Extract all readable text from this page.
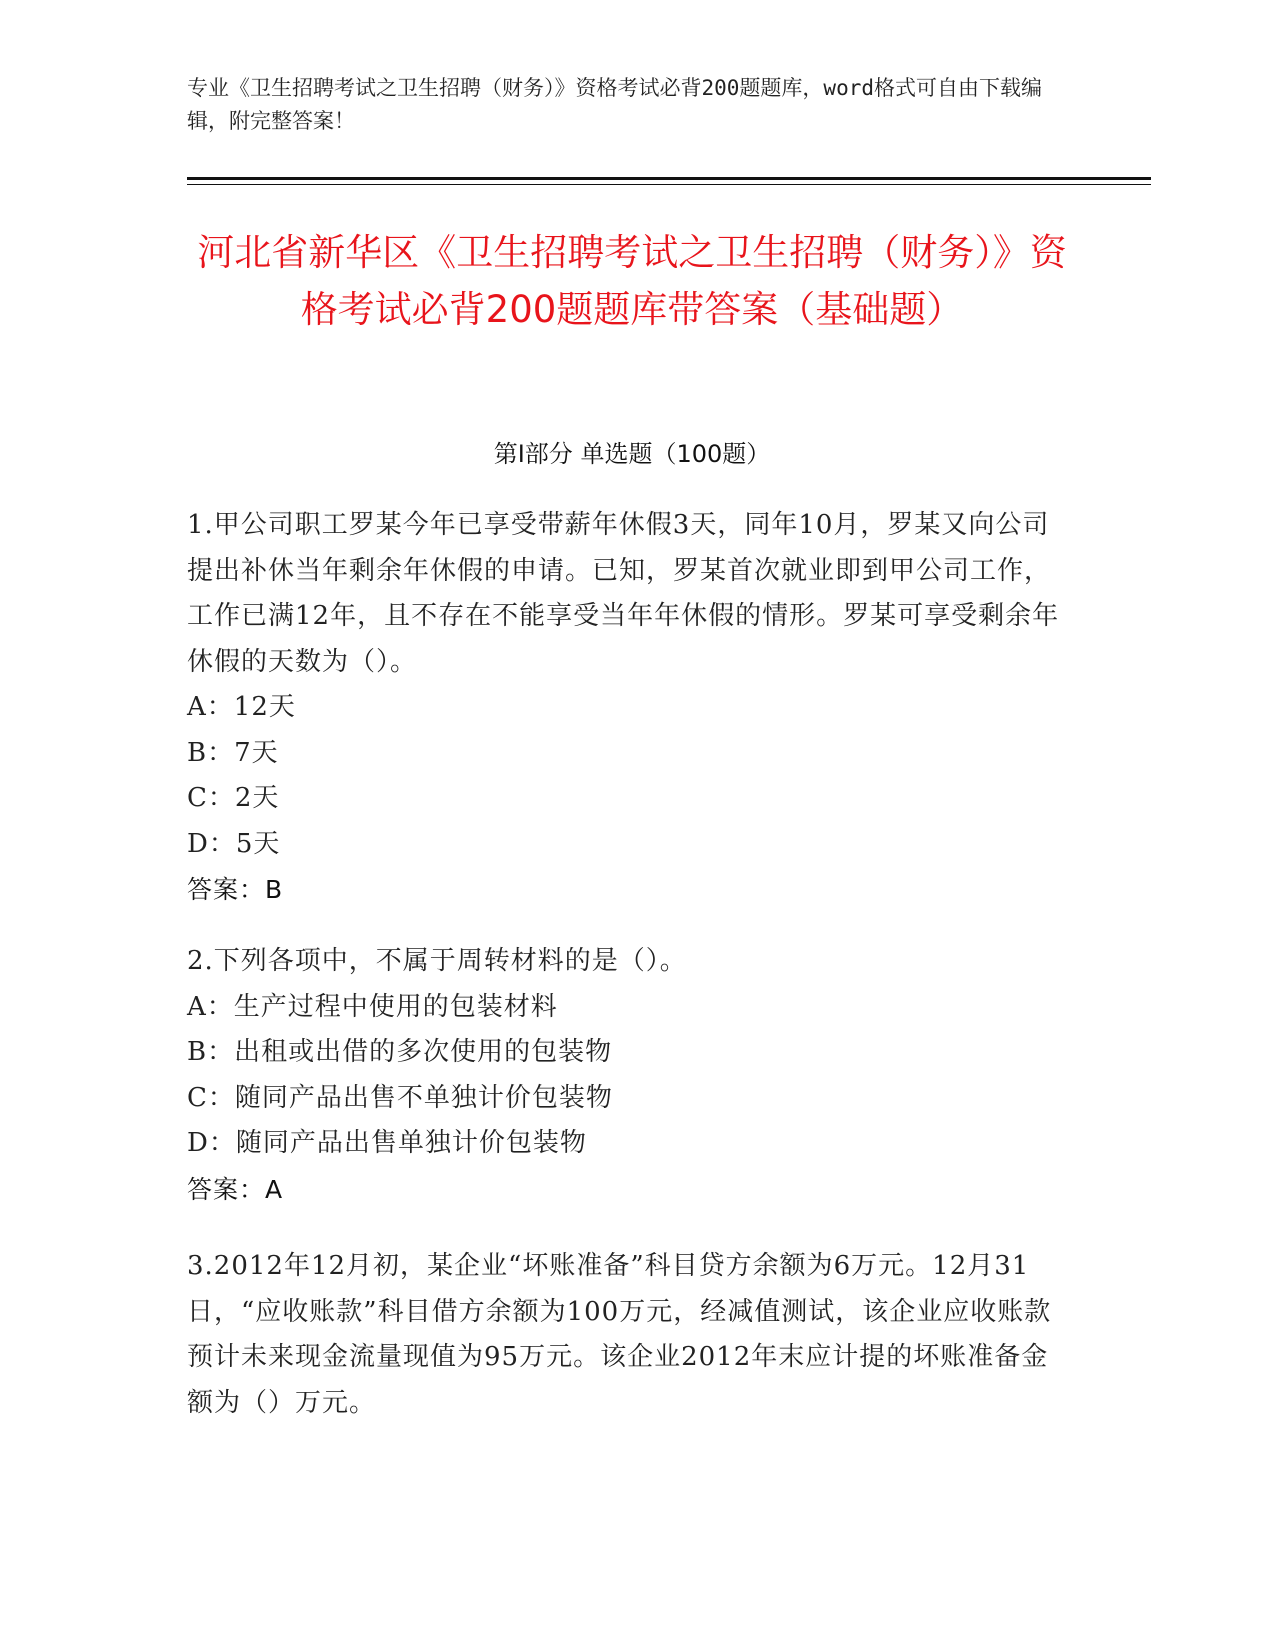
专业《卫生招聘考试之卫生招聘（财务）》资格考试必背200题题库，word格式可自由下载编辑，附完整答案！
河北省新华区《卫生招聘考试之卫生招聘（财务）》资格考试必背200题题库带答案（基础题）
第Ⅰ部分 单选题（100题）

1.甲公司职工罗某今年已享受带薪年休假3天，同年10月，罗某又向公司提出补休当年剩余年休假的申请。已知，罗某首次就业即到甲公司工作，工作已满12年，且不存在不能享受当年年休假的情形。罗某可享受剩余年休假的天数为（）。

A：12天

B：7天

C：2天

D：5天

答案：B

2.下列各项中，不属于周转材料的是（）。

A：生产过程中使用的包装材料

B：出租或出借的多次使用的包装物

C：随同产品出售不单独计价包装物

D：随同产品出售单独计价包装物

答案：A

3.2012年12月初，某企业“坏账准备”科目贷方余额为6万元。12月31日，“应收账款”科目借方余额为100万元，经减值测试，该企业应收账款预计未来现金流量现值为95万元。该企业2012年末应计提的坏账准备金额为（）万元。
